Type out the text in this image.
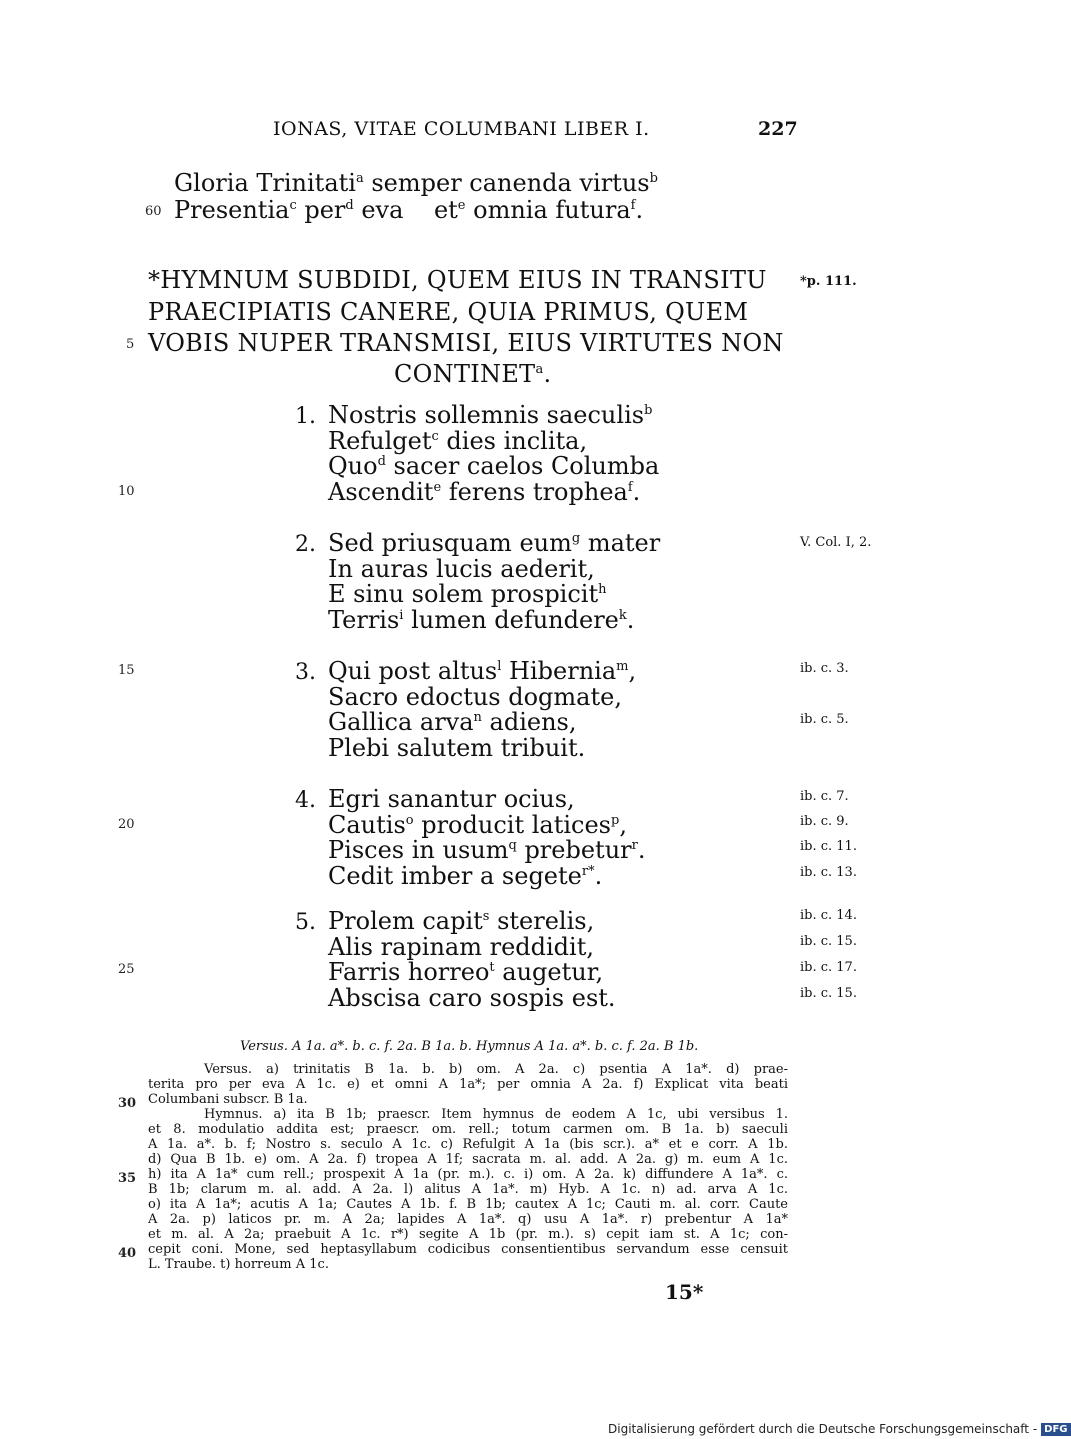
IONAS, VITAE COLUMBANI LIBER I.	227
Gloria Trinitati$^a$ semper canenda virtus$^b$
60 Presentia$^c$ per$^d$ eva $et^e$ omnia futura$^f$.
*HYMNUM SUBDIDI, QUEM EIUS IN TRANSITU
PRAECIPIATIS CANERE, QUIA PRIMUS, QUEM
5 VOBIS NUPER TRANSMISI, EIUS VIRTUTES NON
CONTINET$^a$.
*p. 111.
1. Nostris sollemnis saeculis$^b$
Refulget$^c$ dies inclita,
Quo$^d$ sacer caelos Columba
Ascendit$^e$ ferens trophea$^f$.
2. Sed priusquam eum$^g$ mater
In auras lucis aederit,
E sinu solem prospicit$^h$
Terris$^i$ lumen defundere$^k$.
3. Qui post altus$^l$ Hibernia$^m$,
Sacro edoctus dogmate,
Gallica arva$^n$ adiens,
Plebi salutem tribuit.
4. Egri sanantur ocius,
Cautis$^o$ producit latices$^p$,
Pisces in usum$^q$ prebetur$^r$.
Cedit imber a segete$^{r*}$.
5. Prolem capit$^s$ sterelis,
Alis rapinam reddidit,
Farris horreo$^t$ augetur,
Abscisa caro sospis est.
10
15
20
25
V. Col. I, 2.
ib. c. 3.
ib. c. 5.
ib. c. 7.
ib. c. 9.
ib. c. 11.
ib. c. 13.
ib. c. 14.
ib. c. 15.
ib. c. 17.
ib. c. 15.
Versus. A 1a. a*. b. c. f. 2a. B 1a. b. Hymnus A 1a. a*. b. c. f. 2a. B 1b.
Versus. a) trinitatis B 1a. b. b) om. A 2a. c) psentia A 1a*. d) prae-
terita pro per eva A 1c. e) et omni A 1a*; per omnia A 2a. f) Explicat vita beati
Columbani subscr. B 1a.
Hymnus. a) ita B 1b; praescr. Item hymnus de eodem A 1c, ubi versibus 1.
et 8. modulatio addita est; praescr. om. rell.; totum carmen om. B 1a. b) saeculi
A 1a. a*. b. f; Nostro s. seculo A 1c. c) Refulgit A 1a (bis scr.). a* et e corr. A 1b.
d) Qua B 1b. e) om. A 2a. f) tropea A 1f; sacrata m. al. add. A 2a. g) m. eum A 1c.
h) ita A 1a* cum rell.; prospexit A 1a (pr. m.). c. i) om. A 2a. k) diffundere A 1a*. c.
B 1b; clarum m. al. add. A 2a. l) alitus A 1a*. m) Hyb. A 1c. n) ad. arva A 1c.
o) ita A 1a*; acutis A 1a; Cautes A 1b. f. B 1b; cautex A 1c; Cauti m. al. corr. Caute
A 2a. p) laticos pr. m. A 2a; lapides A 1a*. q) usu A 1a*. r) prebentur A 1a*
et m. al. A 2a; praebuit A 1c. r*) segite A 1b (pr. m.). s) cepit iam st. A 1c; con-
cepit coni. Mone, sed heptasyllabum codicibus consentientibus servandum esse censuit
L. Traube. t) horreum A 1c.
30
35
40
15*
Digitalisierung gefördert durch die Deutsche Forschungsgemeinschaft - DFG
